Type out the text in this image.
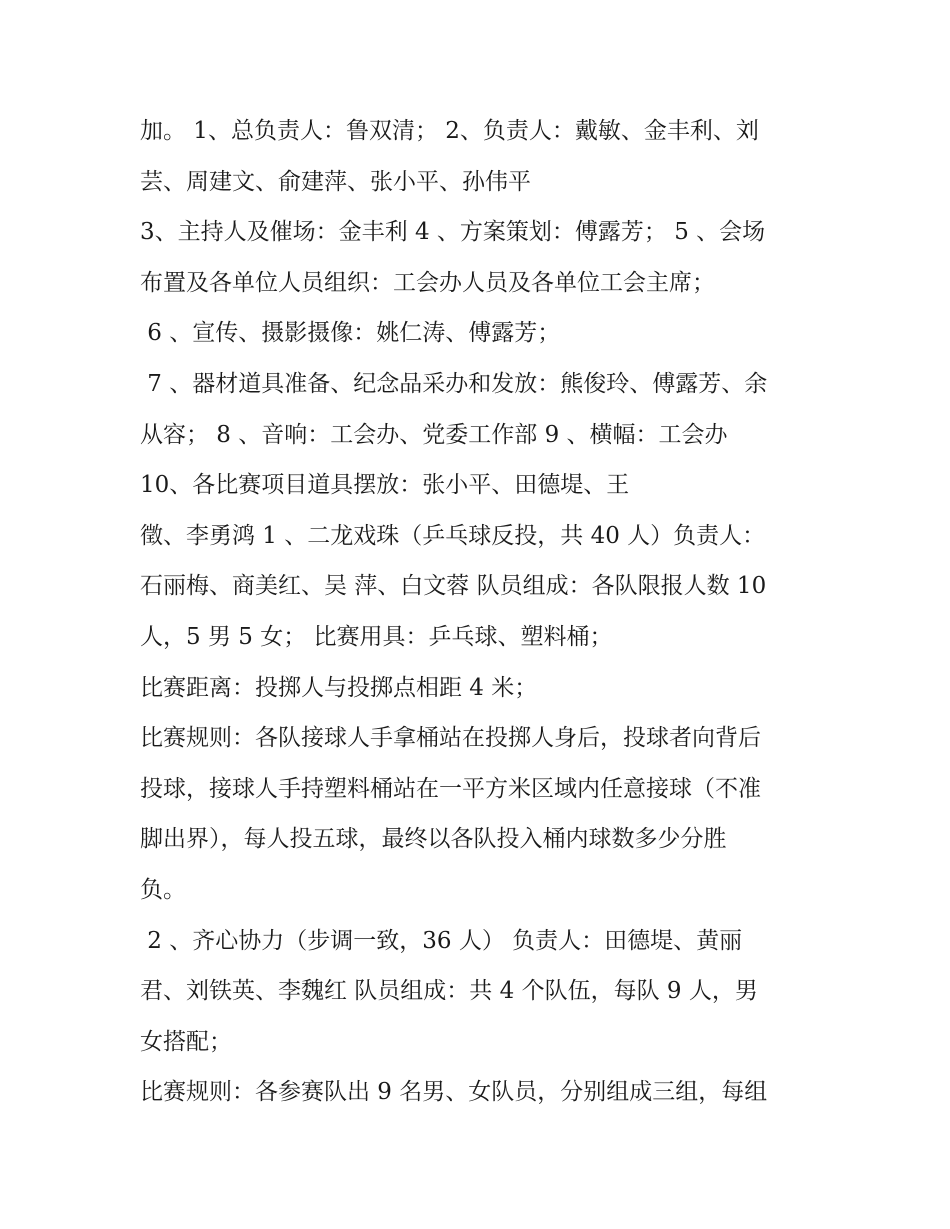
加。 1、总负责人：鲁双清； 2、负责人：戴敏、金丰利、刘
芸、周建文、俞建萍、张小平、孙伟平
3、主持人及催场：金丰利 4 、方案策划：傅露芳； 5 、会场
布置及各单位人员组织：工会办人员及各单位工会主席；
6 、宣传、摄影摄像：姚仁涛、傅露芳；
7 、器材道具准备、纪念品采办和发放：熊俊玲、傅露芳、余
从容； 8 、音响：工会办、党委工作部 9 、横幅：工会办
10、各比赛项目道具摆放：张小平、田德堤、王
徵、李勇鸿 1 、二龙戏珠（乒乓球反投，共 40 人）负责人：
石丽梅、商美红、吴 萍、白文蓉 队员组成：各队限报人数 10
人，5 男 5 女； 比赛用具：乒乓球、塑料桶；
比赛距离：投掷人与投掷点相距 4 米；
比赛规则：各队接球人手拿桶站在投掷人身后，投球者向背后
投球，接球人手持塑料桶站在一平方米区域内任意接球（不准
脚出界），每人投五球，最终以各队投入桶内球数多少分胜
负。
2 、齐心协力（步调一致，36 人） 负责人：田德堤、黄丽
君、刘铁英、李魏红 队员组成：共 4 个队伍，每队 9 人，男
女搭配；
比赛规则：各参赛队出 9 名男、女队员，分别组成三组，每组
